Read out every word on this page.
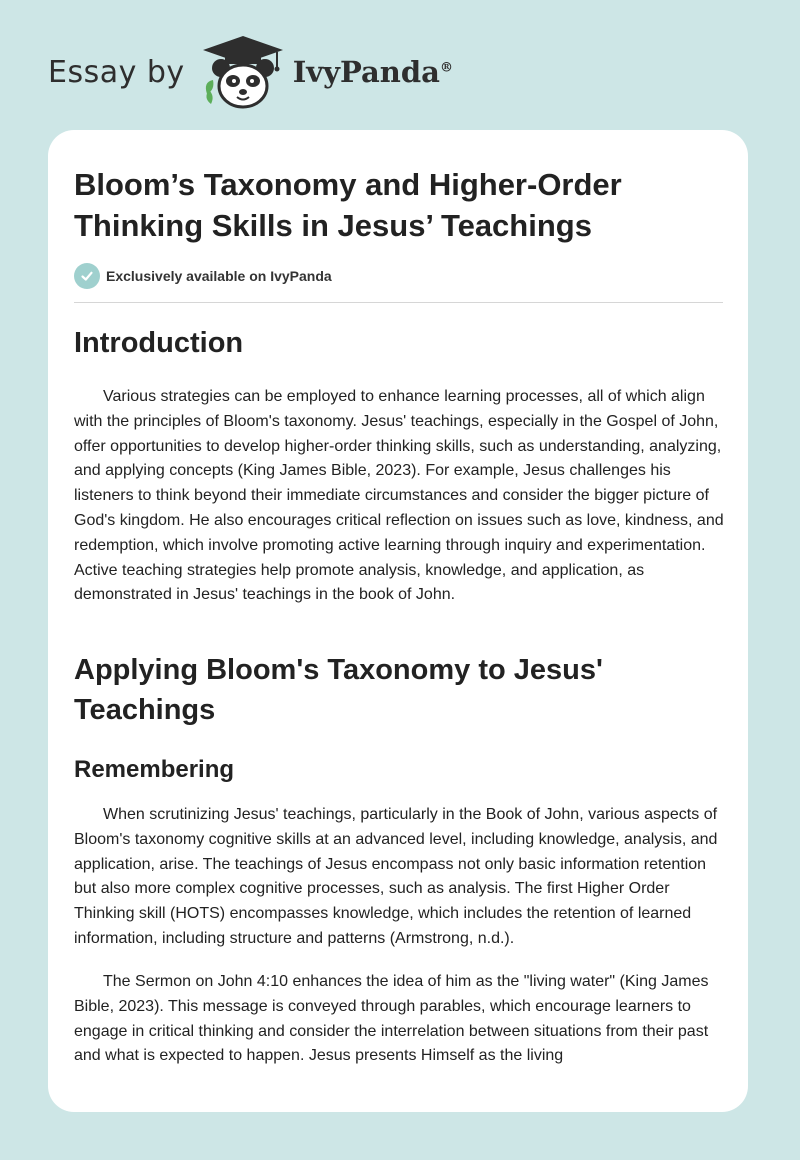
Essay by	IvyPanda®
Bloom’s Taxonomy and Higher-Order Thinking Skills in Jesus’ Teachings
Exclusively available on IvyPanda
Introduction

Various strategies can be employed to enhance learning processes, all of which align with the principles of Bloom's taxonomy. Jesus' teachings, especially in the Gospel of John, offer opportunities to develop higher-order thinking skills, such as understanding, analyzing, and applying concepts (King James Bible, 2023). For example, Jesus challenges his listeners to think beyond their immediate circumstances and consider the bigger picture of God's kingdom. He also encourages critical reflection on issues such as love, kindness, and redemption, which involve promoting active learning through inquiry and experimentation. Active teaching strategies help promote analysis, knowledge, and application, as demonstrated in Jesus' teachings in the book of John.

Applying Bloom's Taxonomy to Jesus' Teachings
Remembering

When scrutinizing Jesus' teachings, particularly in the Book of John, various aspects of Bloom's taxonomy cognitive skills at an advanced level, including knowledge, analysis, and application, arise. The teachings of Jesus encompass not only basic information retention but also more complex cognitive processes, such as analysis. The first Higher Order Thinking skill (HOTS) encompasses knowledge, which includes the retention of learned information, including structure and patterns (Armstrong, n.d.).

The Sermon on John 4:10 enhances the idea of him as the "living water" (King James Bible, 2023). This message is conveyed through parables, which encourage learners to engage in critical thinking and consider the interrelation between situations from their past and what is expected to happen. Jesus presents Himself as the living
